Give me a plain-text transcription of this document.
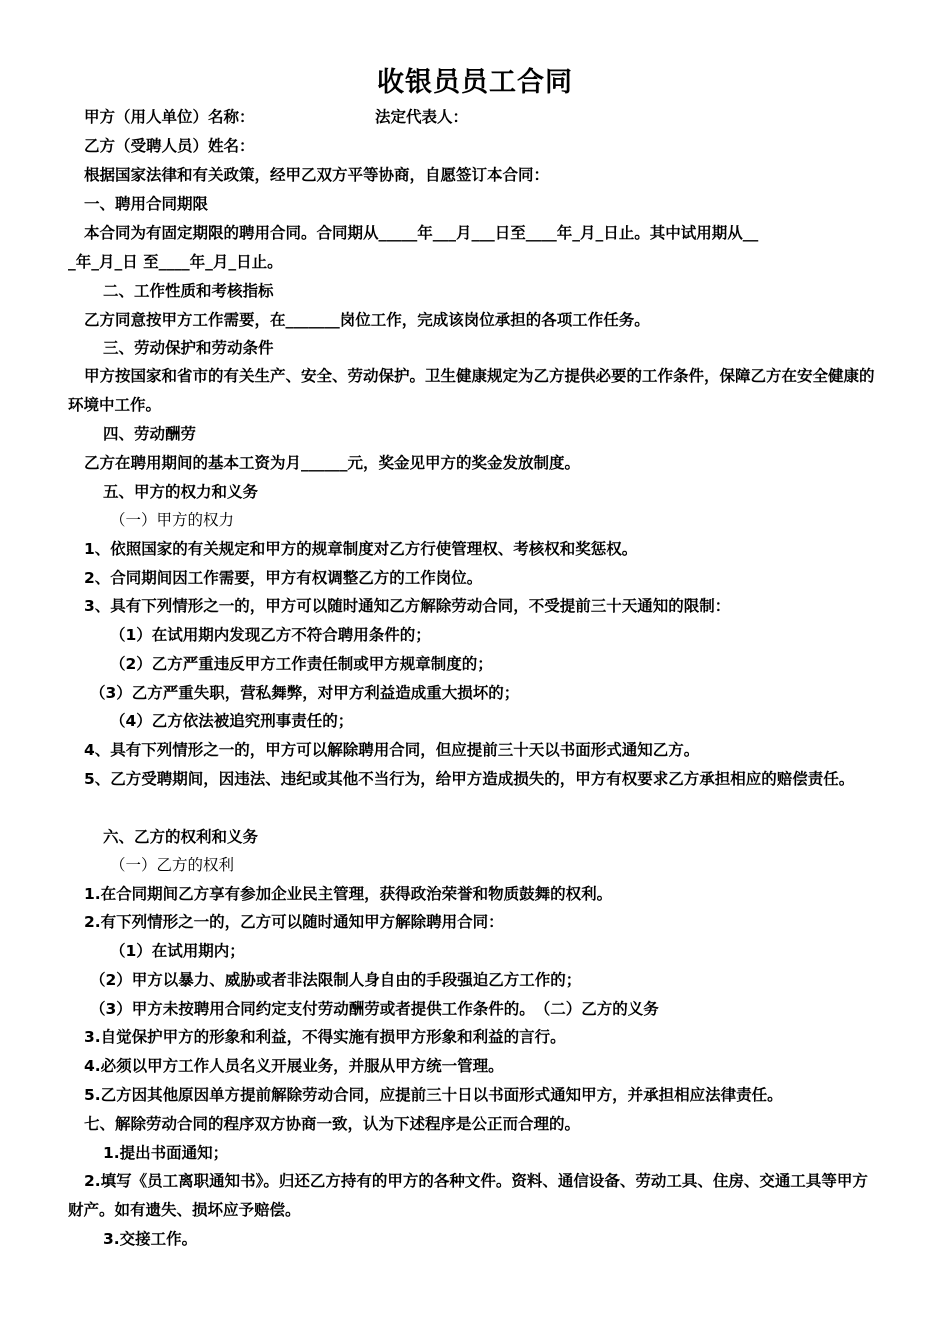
收银员员工合同
甲方（用人单位）名称：	法定代表人：
乙方（受聘人员）姓名：
根据国家法律和有关政策，经甲乙双方平等协商，自愿签订本合同：
一、聘用合同期限
本合同为有固定期限的聘用合同。合同期从_____年___月___日至____年_月_日止。其中试用期从__
_年_月_日 至____年_月_日止。
二、工作性质和考核指标
乙方同意按甲方工作需要，在_______岗位工作，完成该岗位承担的各项工作任务。
三、劳动保护和劳动条件
甲方按国家和省市的有关生产、安全、劳动保护。卫生健康规定为乙方提供必要的工作条件，保障乙方在安全健康的环境中工作。
四、劳动酬劳
乙方在聘用期间的基本工资为月______元，奖金见甲方的奖金发放制度。
五、甲方的权力和义务
（一）甲方的权力
1、依照国家的有关规定和甲方的规章制度对乙方行使管理权、考核权和奖惩权。
2、合同期间因工作需要，甲方有权调整乙方的工作岗位。
3、具有下列情形之一的，甲方可以随时通知乙方解除劳动合同，不受提前三十天通知的限制：
（1）在试用期内发现乙方不符合聘用条件的；
（2）乙方严重违反甲方工作责任制或甲方规章制度的；
（3）乙方严重失职，营私舞弊，对甲方利益造成重大损坏的；
（4）乙方依法被追究刑事责任的；
4、具有下列情形之一的，甲方可以解除聘用合同，但应提前三十天以书面形式通知乙方。
5、乙方受聘期间，因违法、违纪或其他不当行为，给甲方造成损失的，甲方有权要求乙方承担相应的赔偿责任。
六、乙方的权利和义务
（一）乙方的权利
1.在合同期间乙方享有参加企业民主管理，获得政治荣誉和物质鼓舞的权利。
2.有下列情形之一的，乙方可以随时通知甲方解除聘用合同：
（1）在试用期内；
（2）甲方以暴力、威胁或者非法限制人身自由的手段强迫乙方工作的；
（3）甲方未按聘用合同约定支付劳动酬劳或者提供工作条件的。　（二）乙方的义务
3.自觉保护甲方的形象和利益，不得实施有损甲方形象和利益的言行。
4.必须以甲方工作人员名义开展业务，并服从甲方统一管理。
5.乙方因其他原因单方提前解除劳动合同，应提前三十日以书面形式通知甲方，并承担相应法律责任。
七、解除劳动合同的程序双方协商一致，认为下述程序是公正而合理的。
1.提出书面通知；
2.填写《员工离职通知书》。归还乙方持有的甲方的各种文件。资料、通信设备、劳动工具、住房、交通工具等甲方财产。如有遗失、损坏应予赔偿。
3.交接工作。
